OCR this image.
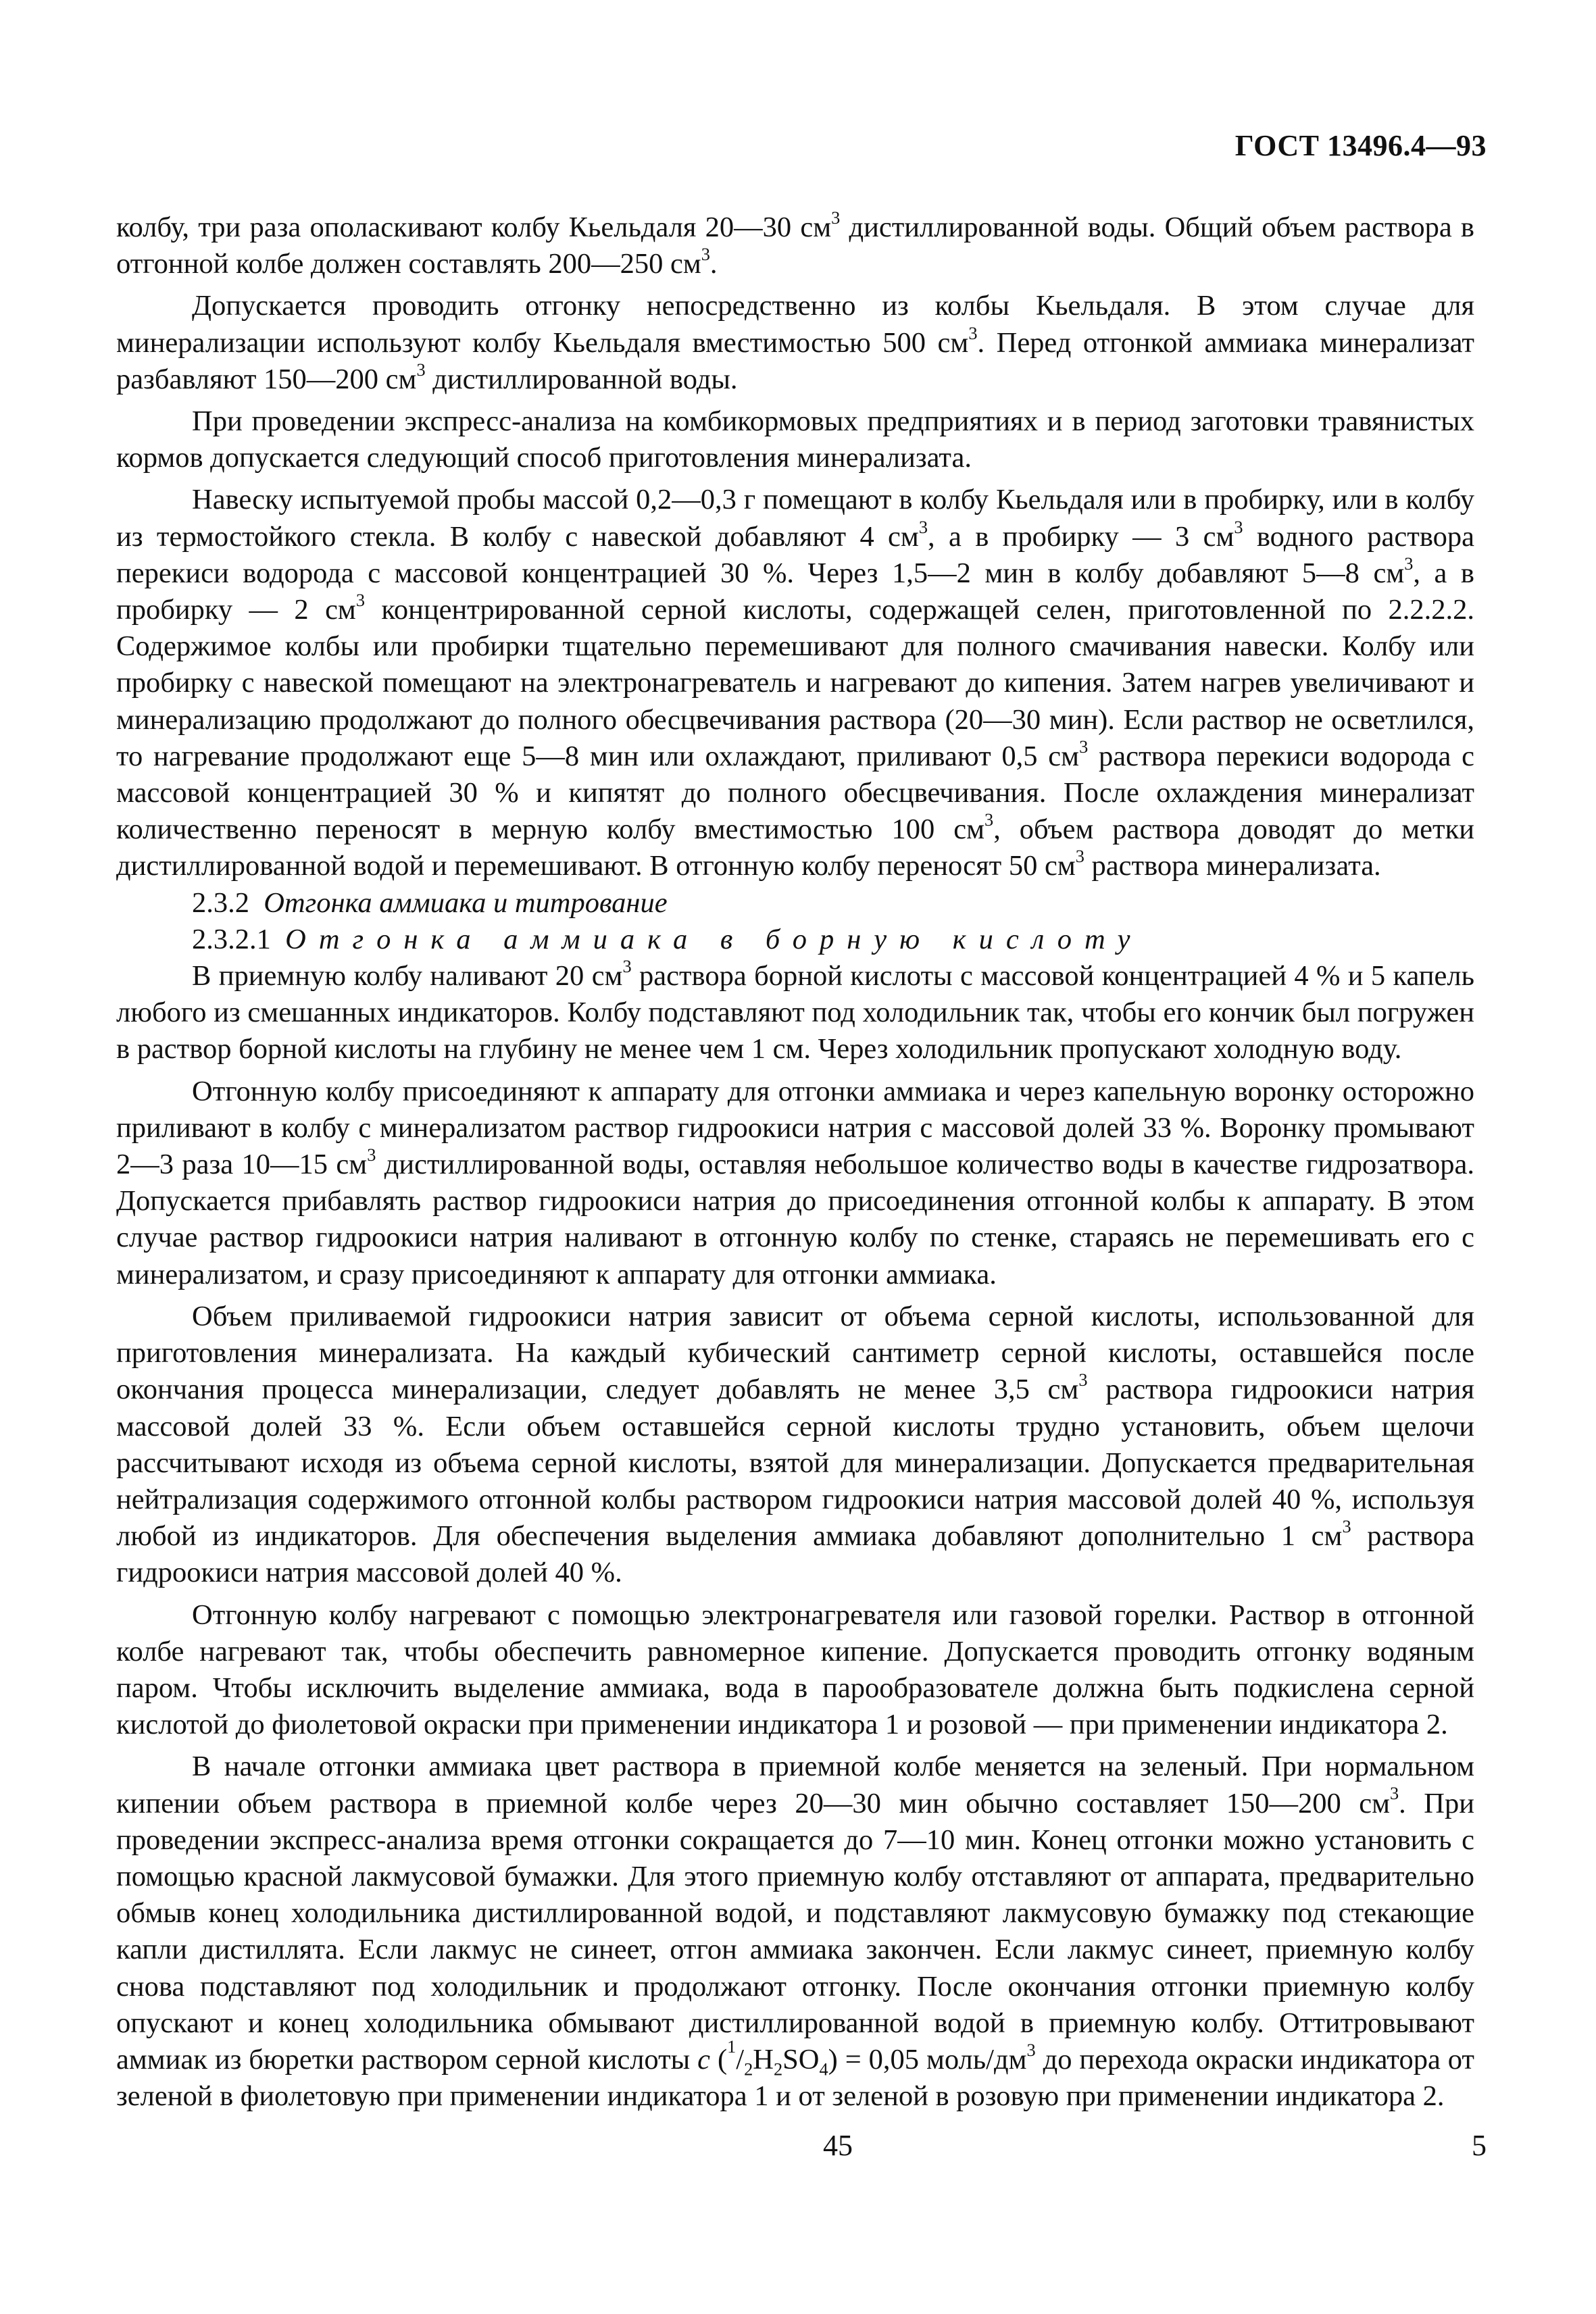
ГОСТ 13496.4—93

колбу, три раза ополаскивают колбу Кьельдаля 20—30 $см^3$ дистиллированной воды. Общий объем раствора в отгонной колбе должен составлять 200—250 $см^3$.

Допускается проводить отгонку непосредственно из колбы Кьельдаля. В этом случае для минерализации используют колбу Кьельдаля вместимостью 500 $см^3$. Перед отгонкой аммиака минерализат разбавляют 150—200 $см^3$ дистиллированной воды.

При проведении экспресс-анализа на комбикормовых предприятиях и в период заготовки травянистых кормов допускается следующий способ приготовления минерализата.

Навеску испытуемой пробы массой 0,2—0,3 г помещают в колбу Кьельдаля или в пробирку, или в колбу из термостойкого стекла. В колбу с навеской добавляют 4 $см^3$, а в пробирку — 3 $см^3$ водного раствора перекиси водорода с массовой концентрацией 30 %. Через 1,5—2 мин в колбу добавляют 5—8 $см^3$, а в пробирку — 2 $см^3$ концентрированной серной кислоты, содержащей селен, приготовленной по 2.2.2.2. Содержимое колбы или пробирки тщательно перемешивают для полного смачивания навески. Колбу или пробирку с навеской помещают на электронагреватель и нагревают до кипения. Затем нагрев увеличивают и минерализацию продолжают до полного обесцвечивания раствора (20—30 мин). Если раствор не осветлился, то нагревание продолжают еще 5—8 мин или охлаждают, приливают 0,5 $см^3$ раствора перекиси водорода с массовой концентрацией 30 % и кипятят до полного обесцвечивания. После охлаждения минерализат количественно переносят в мерную колбу вместимостью 100 $см^3$, объем раствора доводят до метки дистиллированной водой и перемешивают. В отгонную колбу переносят 50 $см^3$ раствора минерализата.

2.3.2 Отгонка аммиака и титрование

2.3.2.1 Отгонка аммиака в борную кислоту

В приемную колбу наливают 20 $см^3$ раствора борной кислоты с массовой концентрацией 4 % и 5 капель любого из смешанных индикаторов. Колбу подставляют под холодильник так, чтобы его кончик был погружен в раствор борной кислоты на глубину не менее чем 1 см. Через холодильник пропускают холодную воду.

Отгонную колбу присоединяют к аппарату для отгонки аммиака и через капельную воронку осторожно приливают в колбу с минерализатом раствор гидроокиси натрия с массовой долей 33 %. Воронку промывают 2—3 раза 10—15 $см^3$ дистиллированной воды, оставляя небольшое количество воды в качестве гидрозатвора. Допускается прибавлять раствор гидроокиси натрия до присоединения отгонной колбы к аппарату. В этом случае раствор гидроокиси натрия наливают в отгонную колбу по стенке, стараясь не перемешивать его с минерализатом, и сразу присоединяют к аппарату для отгонки аммиака.

Объем приливаемой гидроокиси натрия зависит от объема серной кислоты, использованной для приготовления минерализата. На каждый кубический сантиметр серной кислоты, оставшейся после окончания процесса минерализации, следует добавлять не менее 3,5 $см^3$ раствора гидроокиси натрия массовой долей 33 %. Если объем оставшейся серной кислоты трудно установить, объем щелочи рассчитывают исходя из объема серной кислоты, взятой для минерализации. Допускается предварительная нейтрализация содержимого отгонной колбы раствором гидроокиси натрия массовой долей 40 %, используя любой из индикаторов. Для обеспечения выделения аммиака добавляют дополнительно 1 $см^3$ раствора гидроокиси натрия массовой долей 40 %.

Отгонную колбу нагревают с помощью электронагревателя или газовой горелки. Раствор в отгонной колбе нагревают так, чтобы обеспечить равномерное кипение. Допускается проводить отгонку водяным паром. Чтобы исключить выделение аммиака, вода в парообразователе должна быть подкислена серной кислотой до фиолетовой окраски при применении индикатора 1 и розовой — при применении индикатора 2.

В начале отгонки аммиака цвет раствора в приемной колбе меняется на зеленый. При нормальном кипении объем раствора в приемной колбе через 20—30 мин обычно составляет 150—200 $см^3$. При проведении экспресс-анализа время отгонки сокращается до 7—10 мин. Конец отгонки можно установить с помощью красной лакмусовой бумажки. Для этого приемную колбу отставляют от аппарата, предварительно обмыв конец холодильника дистиллированной водой, и подставляют лакмусовую бумажку под стекающие капли дистиллята. Если лакмус не синеет, отгон аммиака закончен. Если лакмус синеет, приемную колбу снова подставляют под холодильник и продолжают отгонку. После окончания отгонки приемную колбу опускают и конец холодильника обмывают дистиллированной водой в приемную колбу. Оттитровывают аммиак из бюретки раствором серной кислоты c $(^1/_2H_2SO_4) = 0,05$ моль/$дм^3$ до перехода окраски индикатора от зеленой в фиолетовую при применении индикатора 1 и от зеленой в розовую при применении индикатора 2.

45	5
